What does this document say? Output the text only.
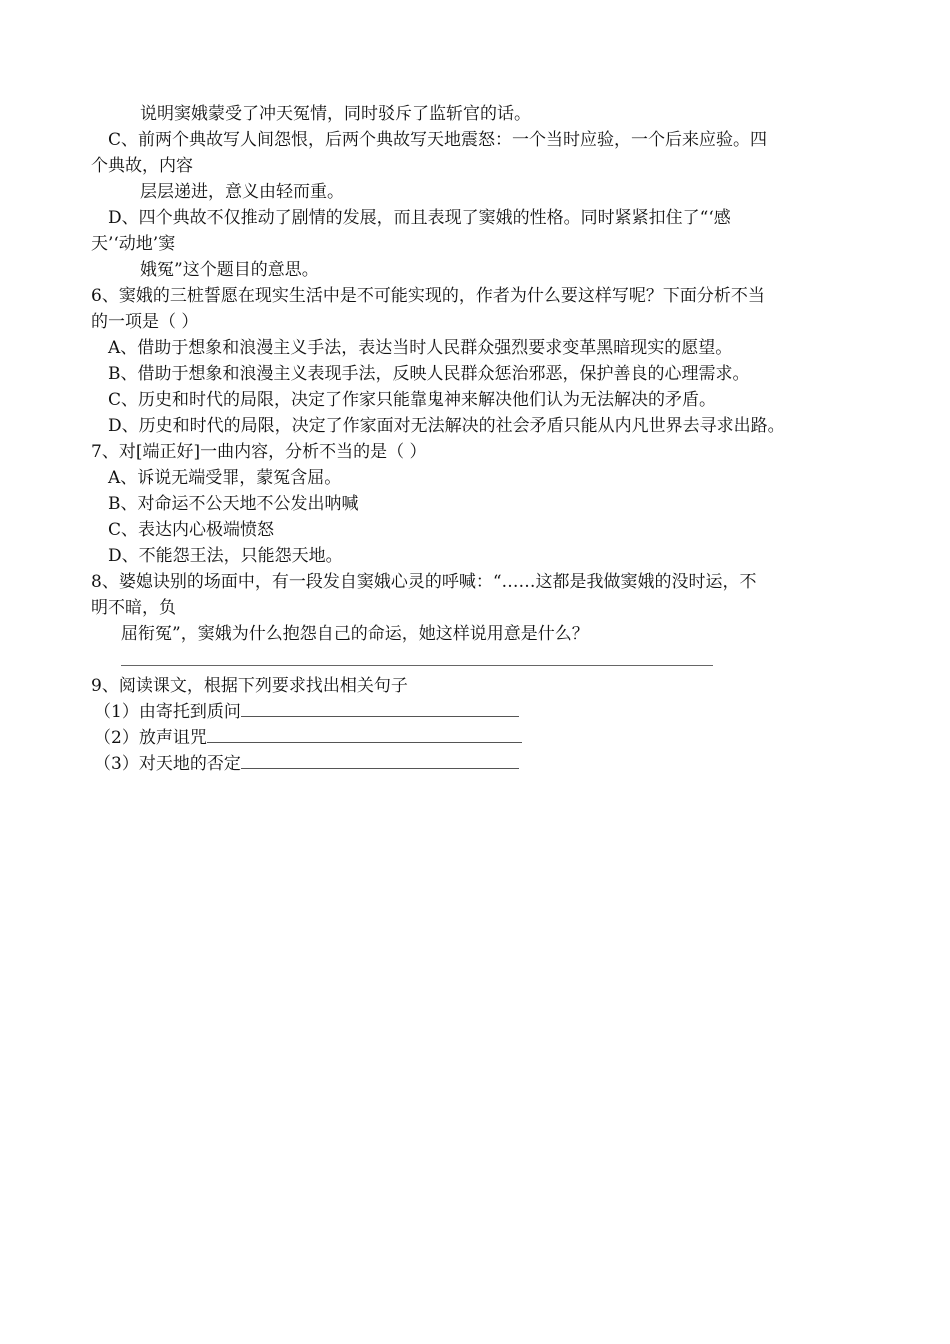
说明窦娥蒙受了冲天冤情，同时驳斥了监斩官的话。
C、前两个典故写人间怨恨，后两个典故写天地震怒：一个当时应验，一个后来应验。四
个典故，内容
层层递进，意义由轻而重。
D、四个典故不仅推动了剧情的发展，而且表现了窦娥的性格。同时紧紧扣住了“‘感
天’‘动地’窦
娥冤”这个题目的意思。
6、窦娥的三桩誓愿在现实生活中是不可能实现的，作者为什么要这样写呢？下面分析不当
的一项是（ ）
A、借助于想象和浪漫主义手法，表达当时人民群众强烈要求变革黑暗现实的愿望。
B、借助于想象和浪漫主义表现手法，反映人民群众惩治邪恶，保护善良的心理需求。
C、历史和时代的局限，决定了作家只能靠鬼神来解决他们认为无法解决的矛盾。
D、历史和时代的局限，决定了作家面对无法解决的社会矛盾只能从内凡世界去寻求出路。
7、对[端正好]一曲内容，分析不当的是（ ）
A、诉说无端受罪，蒙冤含屈。
B、对命运不公天地不公发出呐喊
C、表达内心极端愤怒
D、不能怨王法，只能怨天地。
8、婆媳诀别的场面中，有一段发自窦娥心灵的呼喊：“……这都是我做窦娥的没时运，不
明不暗，负
屈衔冤”，窦娥为什么抱怨自己的命运，她这样说用意是什么？
9、阅读课文，根据下列要求找出相关句子
（1）由寄托到质问
（2）放声诅咒
（3）对天地的否定
